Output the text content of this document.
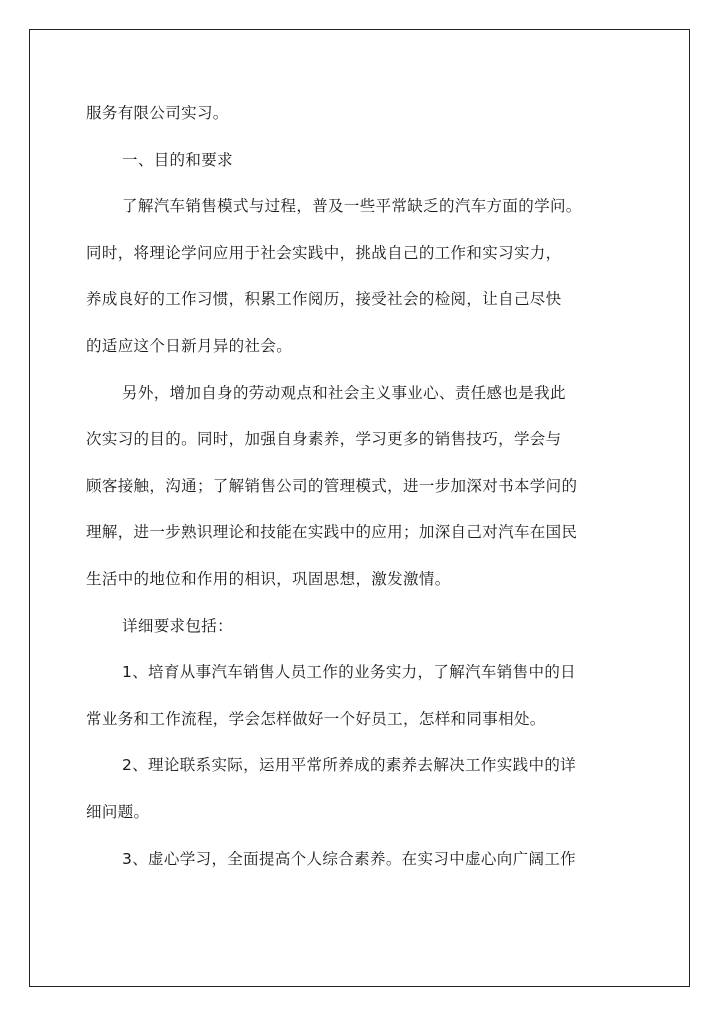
服务有限公司实习。
一、目的和要求
了解汽车销售模式与过程，普及一些平常缺乏的汽车方面的学问。
同时，将理论学问应用于社会实践中，挑战自己的工作和实习实力，
养成良好的工作习惯，积累工作阅历，接受社会的检阅，让自己尽快
的适应这个日新月异的社会。
另外，增加自身的劳动观点和社会主义事业心、责任感也是我此
次实习的目的。同时，加强自身素养，学习更多的销售技巧，学会与
顾客接触，沟通；了解销售公司的管理模式，进一步加深对书本学问的
理解，进一步熟识理论和技能在实践中的应用；加深自己对汽车在国民
生活中的地位和作用的相识，巩固思想，激发激情。
详细要求包括：
1、培育从事汽车销售人员工作的业务实力，了解汽车销售中的日
常业务和工作流程，学会怎样做好一个好员工，怎样和同事相处。
2、理论联系实际，运用平常所养成的素养去解决工作实践中的详
细问题。
3、虚心学习，全面提高个人综合素养。在实习中虚心向广阔工作
